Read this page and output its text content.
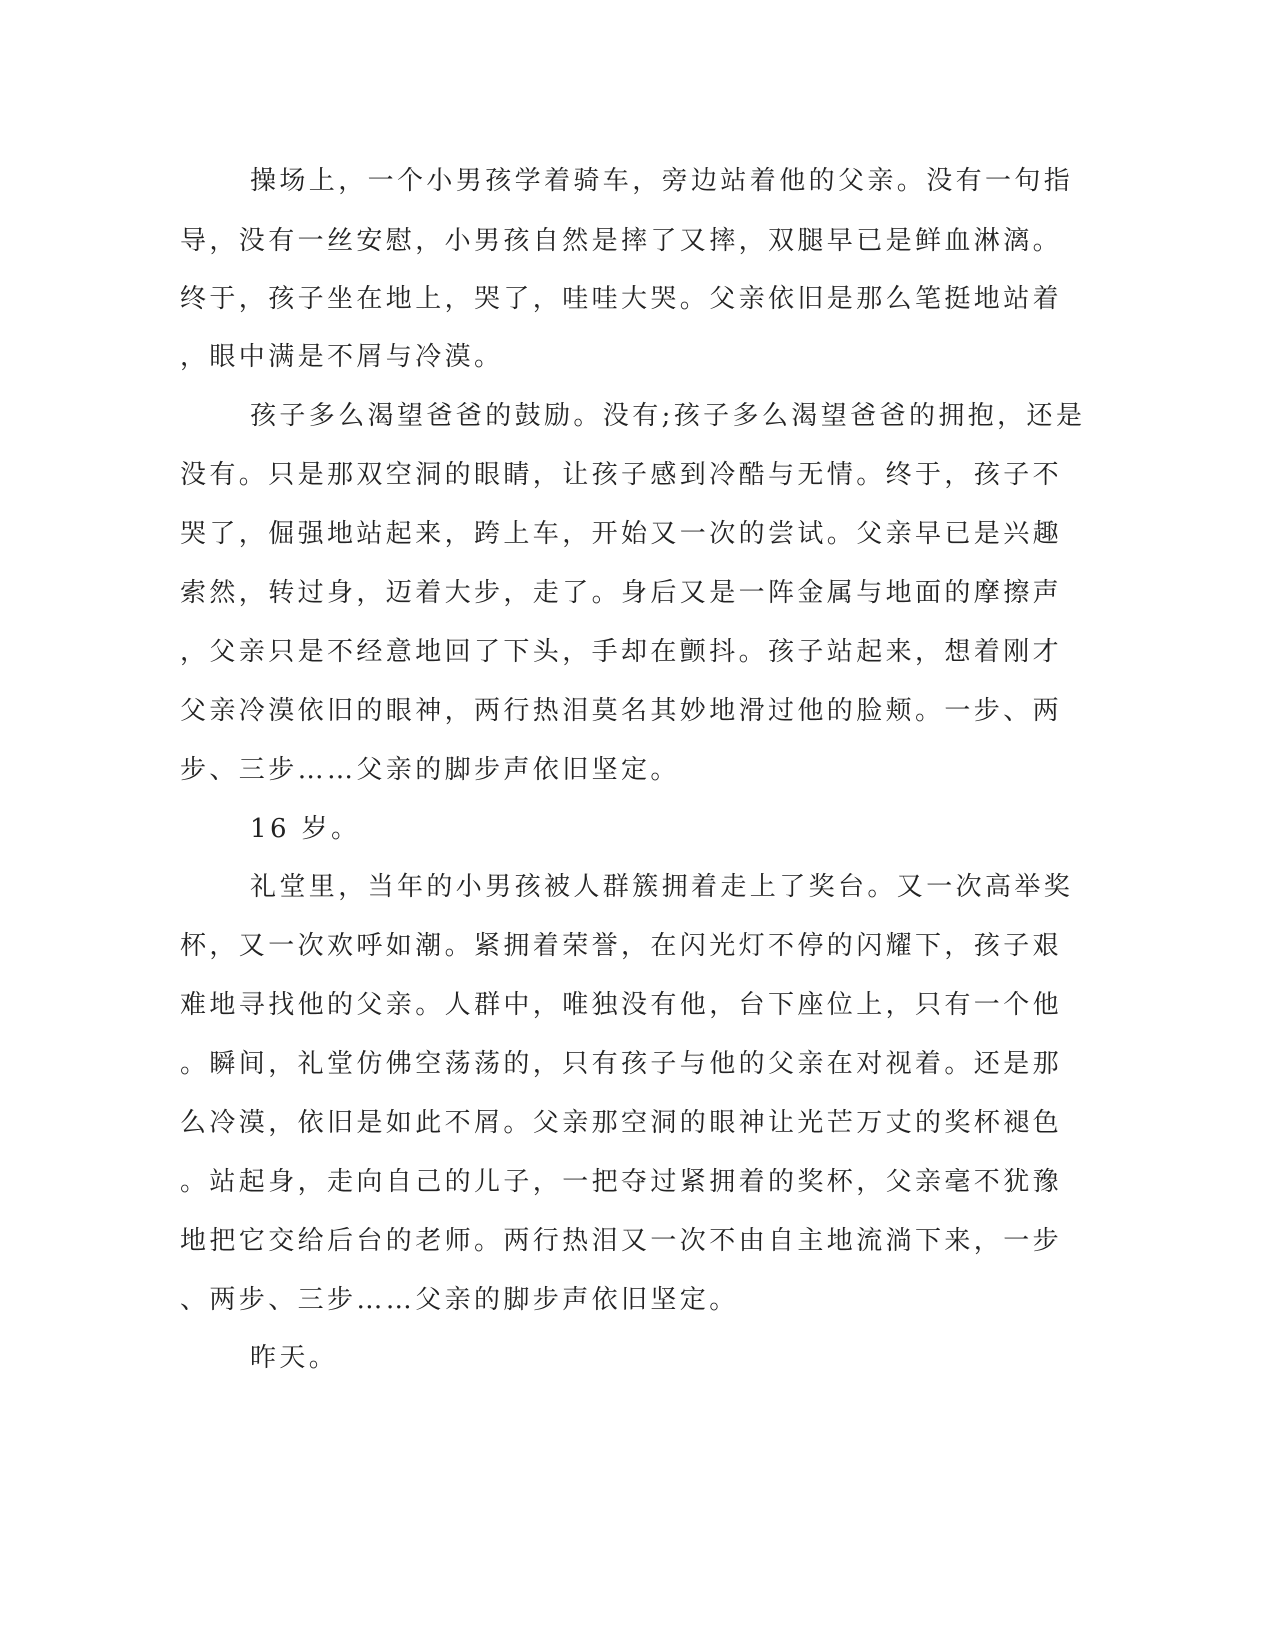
操场上，一个小男孩学着骑车，旁边站着他的父亲。没有一句指
导，没有一丝安慰，小男孩自然是摔了又摔，双腿早已是鲜血淋漓。
终于，孩子坐在地上，哭了，哇哇大哭。父亲依旧是那么笔挺地站着
，眼中满是不屑与冷漠。
孩子多么渴望爸爸的鼓励。没有;孩子多么渴望爸爸的拥抱，还是
没有。只是那双空洞的眼睛，让孩子感到冷酷与无情。终于，孩子不
哭了，倔强地站起来，跨上车，开始又一次的尝试。父亲早已是兴趣
索然，转过身，迈着大步，走了。身后又是一阵金属与地面的摩擦声
，父亲只是不经意地回了下头，手却在颤抖。孩子站起来，想着刚才
父亲冷漠依旧的眼神，两行热泪莫名其妙地滑过他的脸颊。一步、两
步、三步……父亲的脚步声依旧坚定。
16 岁。
礼堂里，当年的小男孩被人群簇拥着走上了奖台。又一次高举奖
杯，又一次欢呼如潮。紧拥着荣誉，在闪光灯不停的闪耀下，孩子艰
难地寻找他的父亲。人群中，唯独没有他，台下座位上，只有一个他
。瞬间，礼堂仿佛空荡荡的，只有孩子与他的父亲在对视着。还是那
么冷漠，依旧是如此不屑。父亲那空洞的眼神让光芒万丈的奖杯褪色
。站起身，走向自己的儿子，一把夺过紧拥着的奖杯，父亲毫不犹豫
地把它交给后台的老师。两行热泪又一次不由自主地流淌下来，一步
、两步、三步……父亲的脚步声依旧坚定。
昨天。
